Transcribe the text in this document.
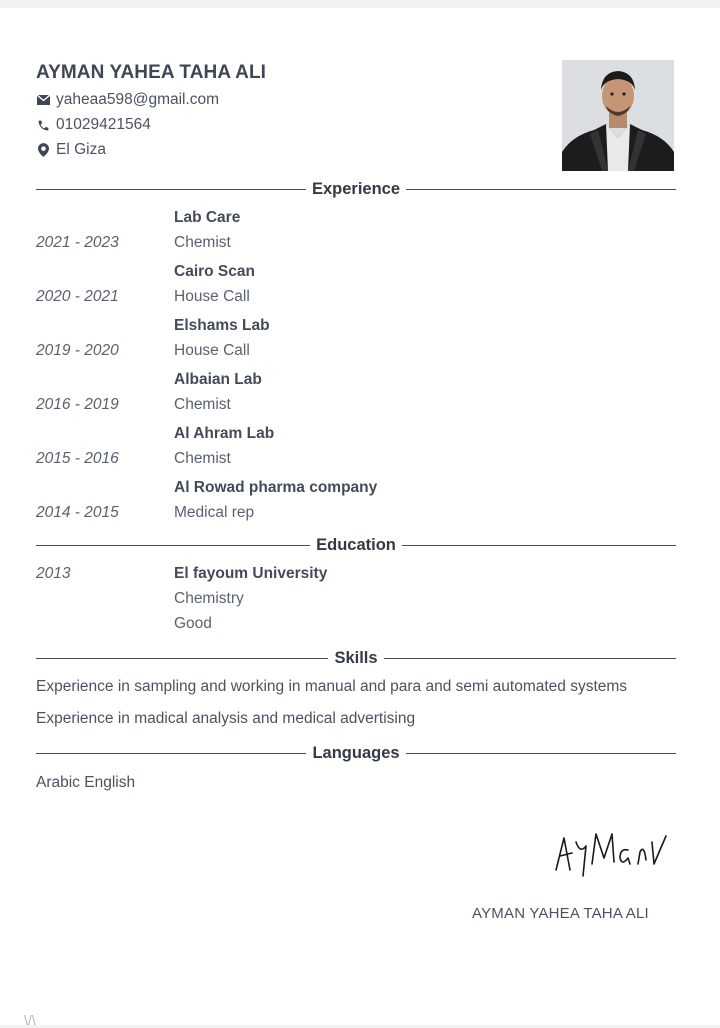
AYMAN YAHEA TAHA ALI
yaheaa598@gmail.com
01029421564
El Giza
Experience
Lab Care
2021 - 2023	Chemist
Cairo Scan
2020 - 2021	House Call
Elshams Lab
2019 - 2020	House Call
Albaian Lab
2016 - 2019	Chemist
Al Ahram Lab
2015 - 2016	Chemist
Al Rowad pharma company
2014 - 2015	Medical rep
Education
2013	El fayoum University
Chemistry
Good
Skills
Experience in sampling and working in manual and para and semi automated systems
Experience in madical analysis and medical advertising
Languages
Arabic English
AYMAN YAHEA TAHA ALI
\/\
